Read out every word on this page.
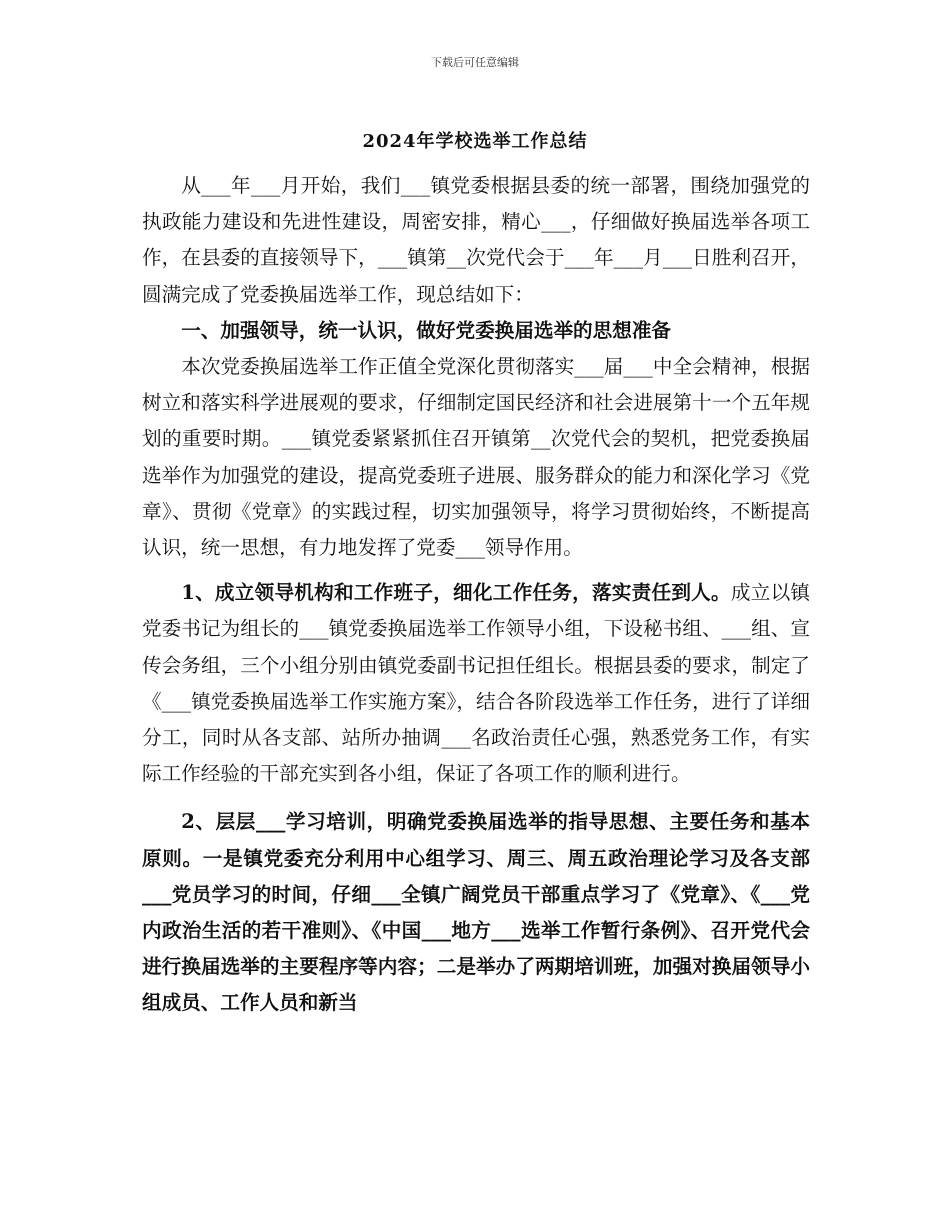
下载后可任意编辑
2024年学校选举工作总结

从___年___月开始，我们___镇党委根据县委的统一部署，围绕加强党的执政能力建设和先进性建设，周密安排，精心___，仔细做好换届选举各项工作，在县委的直接领导下，___镇第__次党代会于___年___月___日胜利召开，圆满完成了党委换届选举工作，现总结如下：

一、加强领导，统一认识，做好党委换届选举的思想准备

本次党委换届选举工作正值全党深化贯彻落实___届___中全会精神，根据树立和落实科学进展观的要求，仔细制定国民经济和社会进展第十一个五年规划的重要时期。___镇党委紧紧抓住召开镇第__次党代会的契机，把党委换届选举作为加强党的建设，提高党委班子进展、服务群众的能力和深化学习《党章》、贯彻《党章》的实践过程，切实加强领导，将学习贯彻始终，不断提高认识，统一思想，有力地发挥了党委___领导作用。

1、成立领导机构和工作班子，细化工作任务，落实责任到人。成立以镇党委书记为组长的___镇党委换届选举工作领导小组，下设秘书组、___组、宣传会务组，三个小组分别由镇党委副书记担任组长。根据县委的要求，制定了《___镇党委换届选举工作实施方案》，结合各阶段选举工作任务，进行了详细分工，同时从各支部、站所办抽调___名政治责任心强，熟悉党务工作，有实际工作经验的干部充实到各小组，保证了各项工作的顺利进行。

2、层层___学习培训，明确党委换届选举的指导思想、主要任务和基本原则。一是镇党委充分利用中心组学习、周三、周五政治理论学习及各支部___党员学习的时间，仔细___全镇广阔党员干部重点学习了《党章》、《___党内政治生活的若干准则》、《中国___地方___选举工作暂行条例》、召开党代会进行换届选举的主要程序等内容；二是举办了两期培训班，加强对换届领导小组成员、工作人员和新当
